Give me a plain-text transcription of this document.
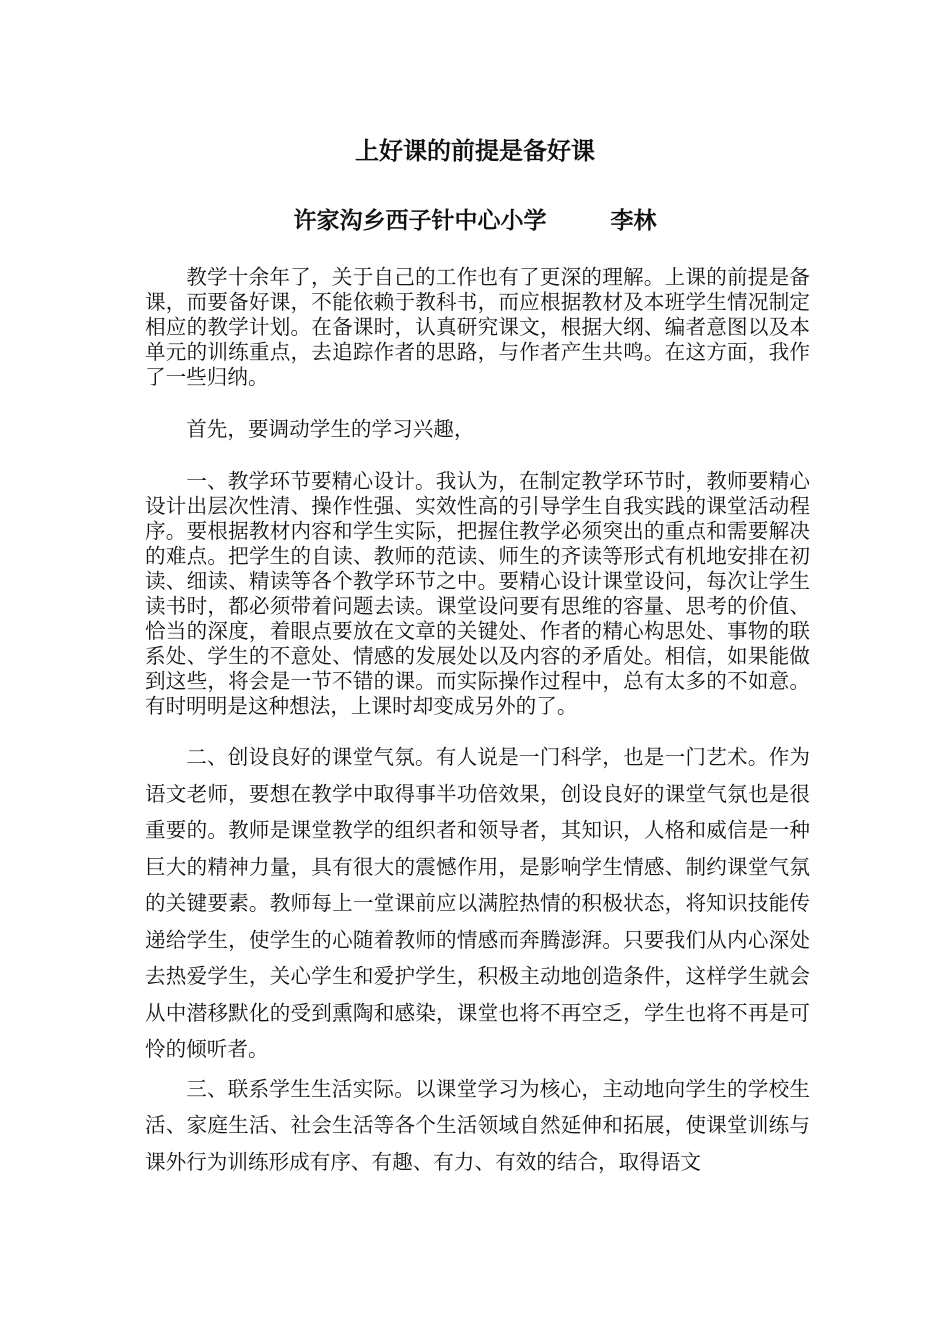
上好课的前提是备好课
许家沟乡西子针中心小学        李林

教学十余年了，关于自己的工作也有了更深的理解。上课的前提是备课，而要备好课，不能依赖于教科书，而应根据教材及本班学生情况制定相应的教学计划。在备课时，认真研究课文，根据大纲、编者意图以及本单元的训练重点，去追踪作者的思路，与作者产生共鸣。在这方面，我作了一些归纳。

首先，要调动学生的学习兴趣，

一、教学环节要精心设计。我认为，在制定教学环节时，教师要精心设计出层次性清、操作性强、实效性高的引导学生自我实践的课堂活动程序。要根据教材内容和学生实际，把握住教学必须突出的重点和需要解决的难点。把学生的自读、教师的范读、师生的齐读等形式有机地安排在初读、细读、精读等各个教学环节之中。要精心设计课堂设问，每次让学生读书时，都必须带着问题去读。课堂设问要有思维的容量、思考的价值、恰当的深度，着眼点要放在文章的关键处、作者的精心构思处、事物的联系处、学生的不意处、情感的发展处以及内容的矛盾处。相信，如果能做到这些，将会是一节不错的课。而实际操作过程中，总有太多的不如意。有时明明是这种想法，上课时却变成另外的了。

二、创设良好的课堂气氛。有人说是一门科学，也是一门艺术。作为语文老师，要想在教学中取得事半功倍效果，创设良好的课堂气氛也是很重要的。教师是课堂教学的组织者和领导者，其知识，人格和威信是一种巨大的精神力量，具有很大的震憾作用，是影响学生情感、制约课堂气氛的关键要素。教师每上一堂课前应以满腔热情的积极状态，将知识技能传递给学生，使学生的心随着教师的情感而奔腾澎湃。只要我们从内心深处去热爱学生，关心学生和爱护学生，积极主动地创造条件，这样学生就会从中潜移默化的受到熏陶和感染，课堂也将不再空乏，学生也将不再是可怜的倾听者。

三、联系学生生活实际。以课堂学习为核心，主动地向学生的学校生活、家庭生活、社会生活等各个生活领域自然延伸和拓展，使课堂训练与课外行为训练形成有序、有趣、有力、有效的结合，取得语文
